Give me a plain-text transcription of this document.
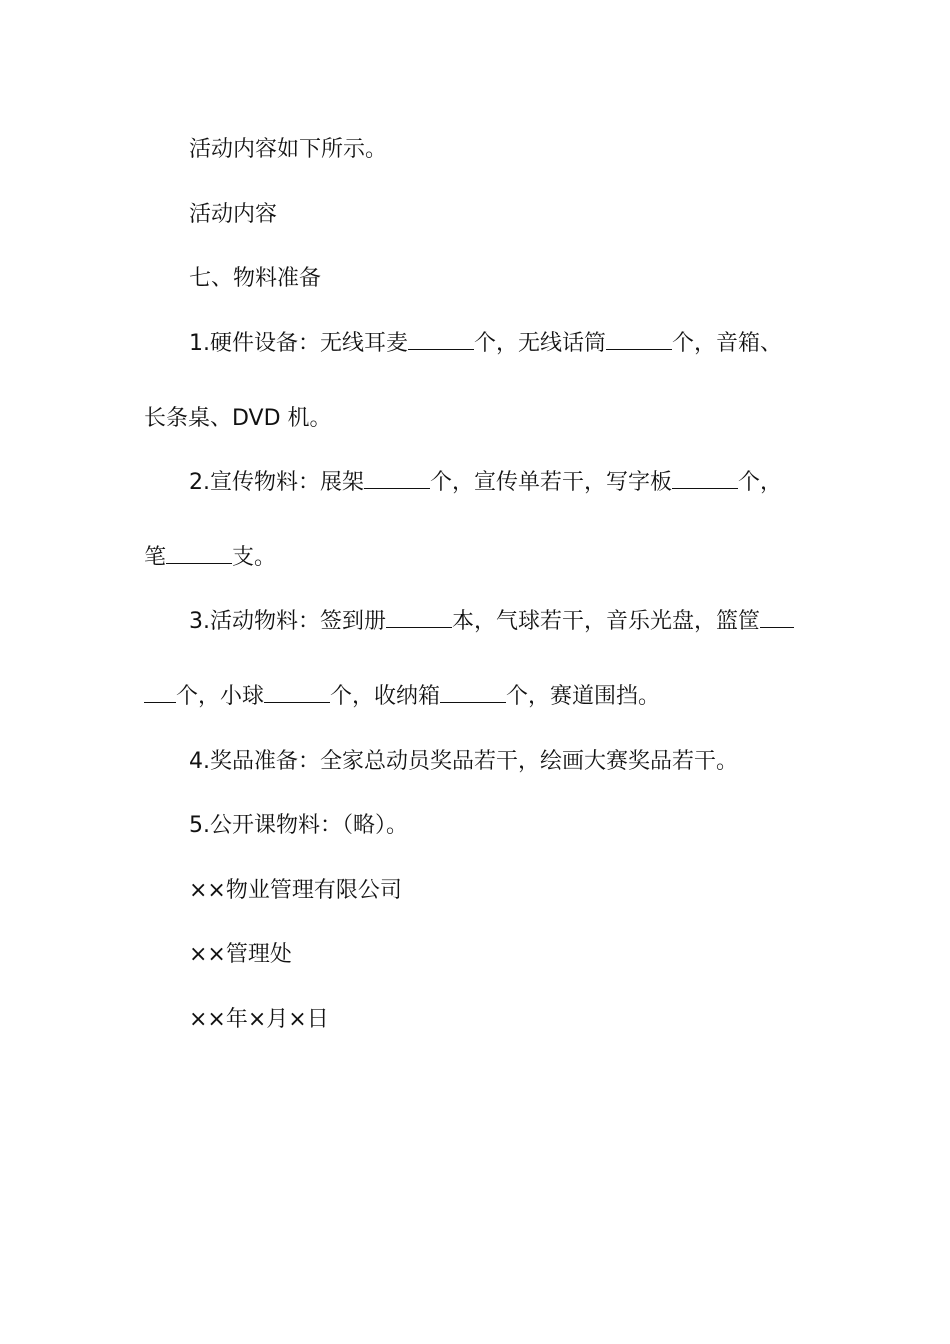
活动内容如下所示。
活动内容
七、物料准备
1.硬件设备：无线耳麦	个，无线话筒	个，音箱、
长条桌、DVD 机。
2.宣传物料：展架	个，宣传单若干，写字板	个，
笔	支。
3.活动物料：签到册	本，气球若干，音乐光盘，篮筐
个，小球	个，收纳箱	个，赛道围挡。
4.奖品准备：全家总动员奖品若干，绘画大赛奖品若干。
5.公开课物料：（略）。
××物业管理有限公司
××管理处
××年×月×日
